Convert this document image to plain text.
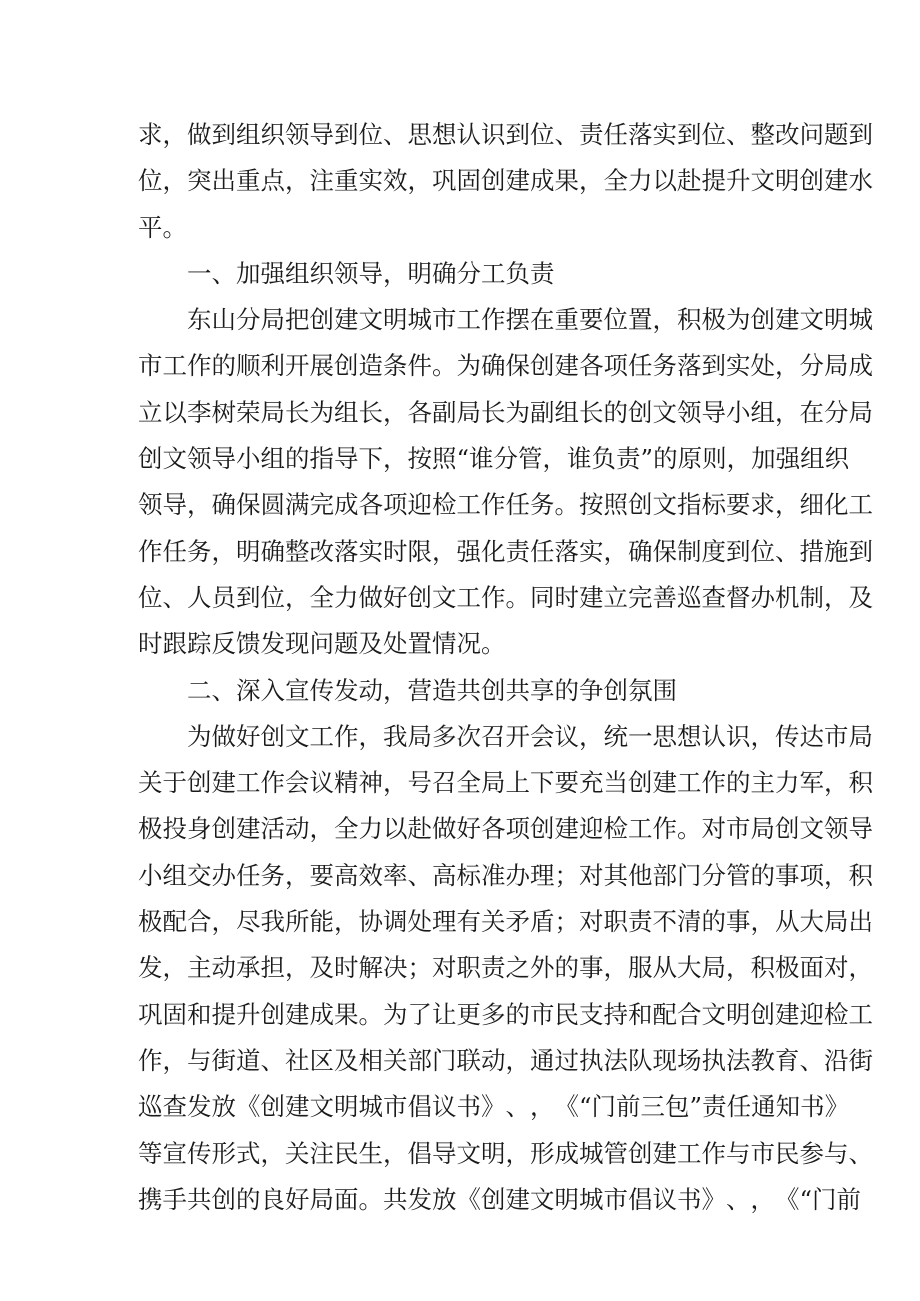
求 ， 做 到 组 织 领 导 到 位 、 思 想 认 识 到 位 、 责 任 落 实 到 位 、 整 改 问 题 到
位 ， 突 出 重 点 ， 注 重 实 效 ， 巩 固 创 建 成 果 ， 全 力 以 赴 提 升 文 明 创 建 水
平。
一、加强组织领导，明确分工负责
东 山 分 局 把 创 建 文 明 城 市 工 作 摆 在 重 要 位 置 ， 积 极 为 创 建 文 明 城
市 工 作 的 顺 利 开 展 创 造 条 件 。 为 确 保 创 建 各 项 任 务 落 到 实 处 ， 分 局 成
立 以 李 树 荣 局 长 为 组 长 ， 各 副 局 长 为 副 组 长 的 创 文 领 导 小 组 ， 在 分 局
创 文 领 导 小 组 的 指 导 下 ， 按 照 “ 谁 分 管 ， 谁 负 责 ” 的 原 则 ， 加 强 组 织
领 导 ， 确 保 圆 满 完 成 各 项 迎 检 工 作 任 务 。 按 照 创 文 指 标 要 求 ， 细 化 工
作 任 务 ， 明 确 整 改 落 实 时 限 ， 强 化 责 任 落 实 ， 确 保 制 度 到 位 、 措 施 到
位 、 人 员 到 位 ， 全 力 做 好 创 文 工 作 。 同 时 建 立 完 善 巡 查 督 办 机 制 ， 及
时跟踪反馈发现问题及处置情况。
二、深入宣传发动，营造共创共享的争创氛围
为 做 好 创 文 工 作 ， 我 局 多 次 召 开 会 议 ， 统 一 思 想 认 识 ， 传 达 市 局
关 于 创 建 工 作 会 议 精 神 ， 号 召 全 局 上 下 要 充 当 创 建 工 作 的 主 力 军 ， 积
极 投 身 创 建 活 动 ， 全 力 以 赴 做 好 各 项 创 建 迎 检 工 作 。 对 市 局 创 文 领 导
小 组 交 办 任 务 ， 要 高 效 率 、 高 标 准 办 理 ； 对 其 他 部 门 分 管 的 事 项 ， 积
极 配 合 ， 尽 我 所 能 ， 协 调 处 理 有 关 矛 盾 ； 对 职 责 不 清 的 事 ， 从 大 局 出
发 ， 主 动 承 担 ， 及 时 解 决 ； 对 职 责 之 外 的 事 ， 服 从 大 局 ， 积 极 面 对 ，
巩 固 和 提 升 创 建 成 果 。 为 了 让 更 多 的 市 民 支 持 和 配 合 文 明 创 建 迎 检 工
作 ， 与 街 道 、 社 区 及 相 关 部 门 联 动 ， 通 过 执 法 队 现 场 执 法 教 育 、 沿 街
巡 查 发 放 《 创 建 文 明 城 市 倡 议 书 》 、 ， 《 “ 门 前 三 包 ” 责 任 通 知 书 》
等 宣 传 形 式 ， 关 注 民 生 ， 倡 导 文 明 ， 形 成 城 管 创 建 工 作 与 市 民 参 与 、
携 手 共 创 的 良 好 局 面 。 共 发 放 《 创 建 文 明 城 市 倡 议 书 》 、 ， 《 “ 门 前
